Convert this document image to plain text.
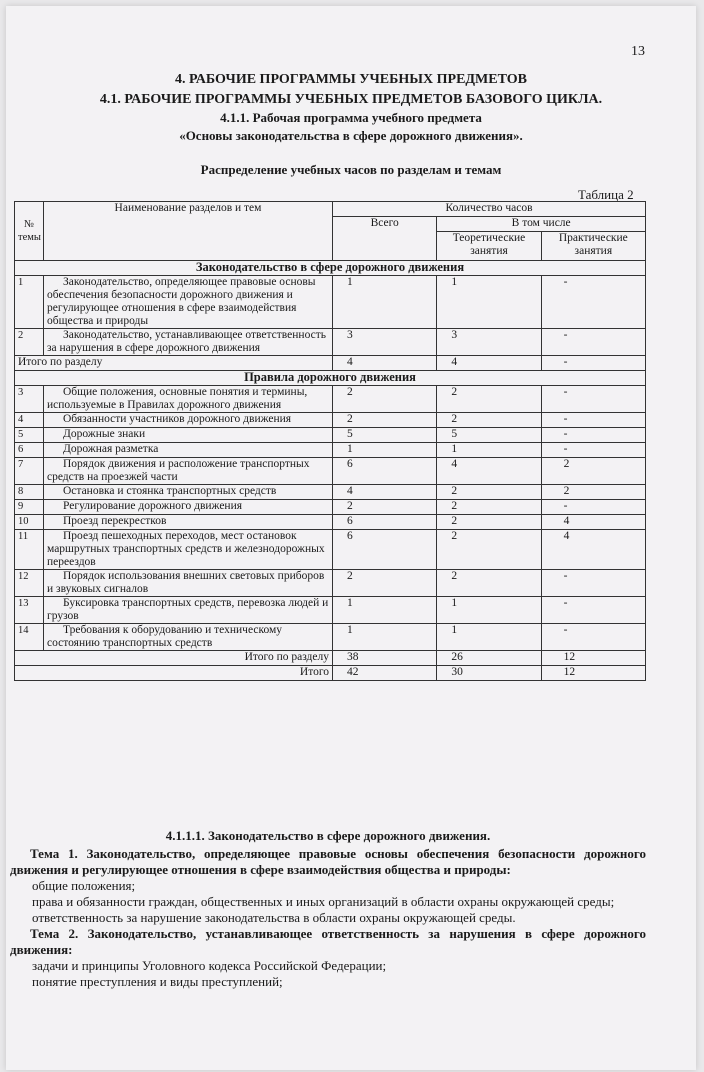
13
4. РАБОЧИЕ ПРОГРАММЫ УЧЕБНЫХ ПРЕДМЕТОВ
4.1. РАБОЧИЕ ПРОГРАММЫ УЧЕБНЫХ ПРЕДМЕТОВ БАЗОВОГО ЦИКЛА.
4.1.1. Рабочая программа учебного предмета
«Основы законодательства в сфере дорожного движения».
Распределение учебных часов по разделам и темам
Таблица 2
№ темы	Наименование разделов и тем	Количество часов		
		Всего	В том числе	
			Теоретические занятия	Практические занятия
Законодательство в сфере дорожного движения				
1	Законодательство, определяющее правовые основы обеспечения безопасности дорожного движения и регулирующее отношения в сфере взаимодействия общества и природы	1	1	-
2	Законодательство, устанавливающее ответственность за нарушения в сфере дорожного движения	3	3	-
Итого по разделу		4	4	-
Правила дорожного движения				
3	Общие положения, основные понятия и термины, используемые в Правилах дорожного движения	2	2	-
4	Обязанности участников дорожного движения	2	2	-
5	Дорожные знаки	5	5	-
6	Дорожная разметка	1	1	-
7	Порядок движения и расположение транспортных средств на проезжей части	6	4	2
8	Остановка и стоянка транспортных средств	4	2	2
9	Регулирование дорожного движения	2	2	-
10	Проезд перекрестков	6	2	4
11	Проезд пешеходных переходов, мест остановок маршрутных транспортных средств и железнодорожных переездов	6	2	4
12	Порядок использования внешних световых приборов и звуковых сигналов	2	2	-
13	Буксировка транспортных средств, перевозка людей и грузов	1	1	-
14	Требования к оборудованию и техническому состоянию транспортных средств	1	1	-
Итого по разделу		38	26	12
Итого		42	30	12
4.1.1.1. Законодательство в сфере дорожного движения.

Тема 1. Законодательство, определяющее правовые основы обеспечения безопасности дорожного движения и регулирующее отношения в сфере взаимодействия общества и природы:

общие положения;

права и обязанности граждан, общественных и иных организаций в области охраны окружающей среды;

ответственность за нарушение законодательства в области охраны окружающей среды.

Тема 2. Законодательство, устанавливающее ответственность за нарушения в сфере дорожного движения:

задачи и принципы Уголовного кодекса Российской Федерации;

понятие преступления и виды преступлений;
